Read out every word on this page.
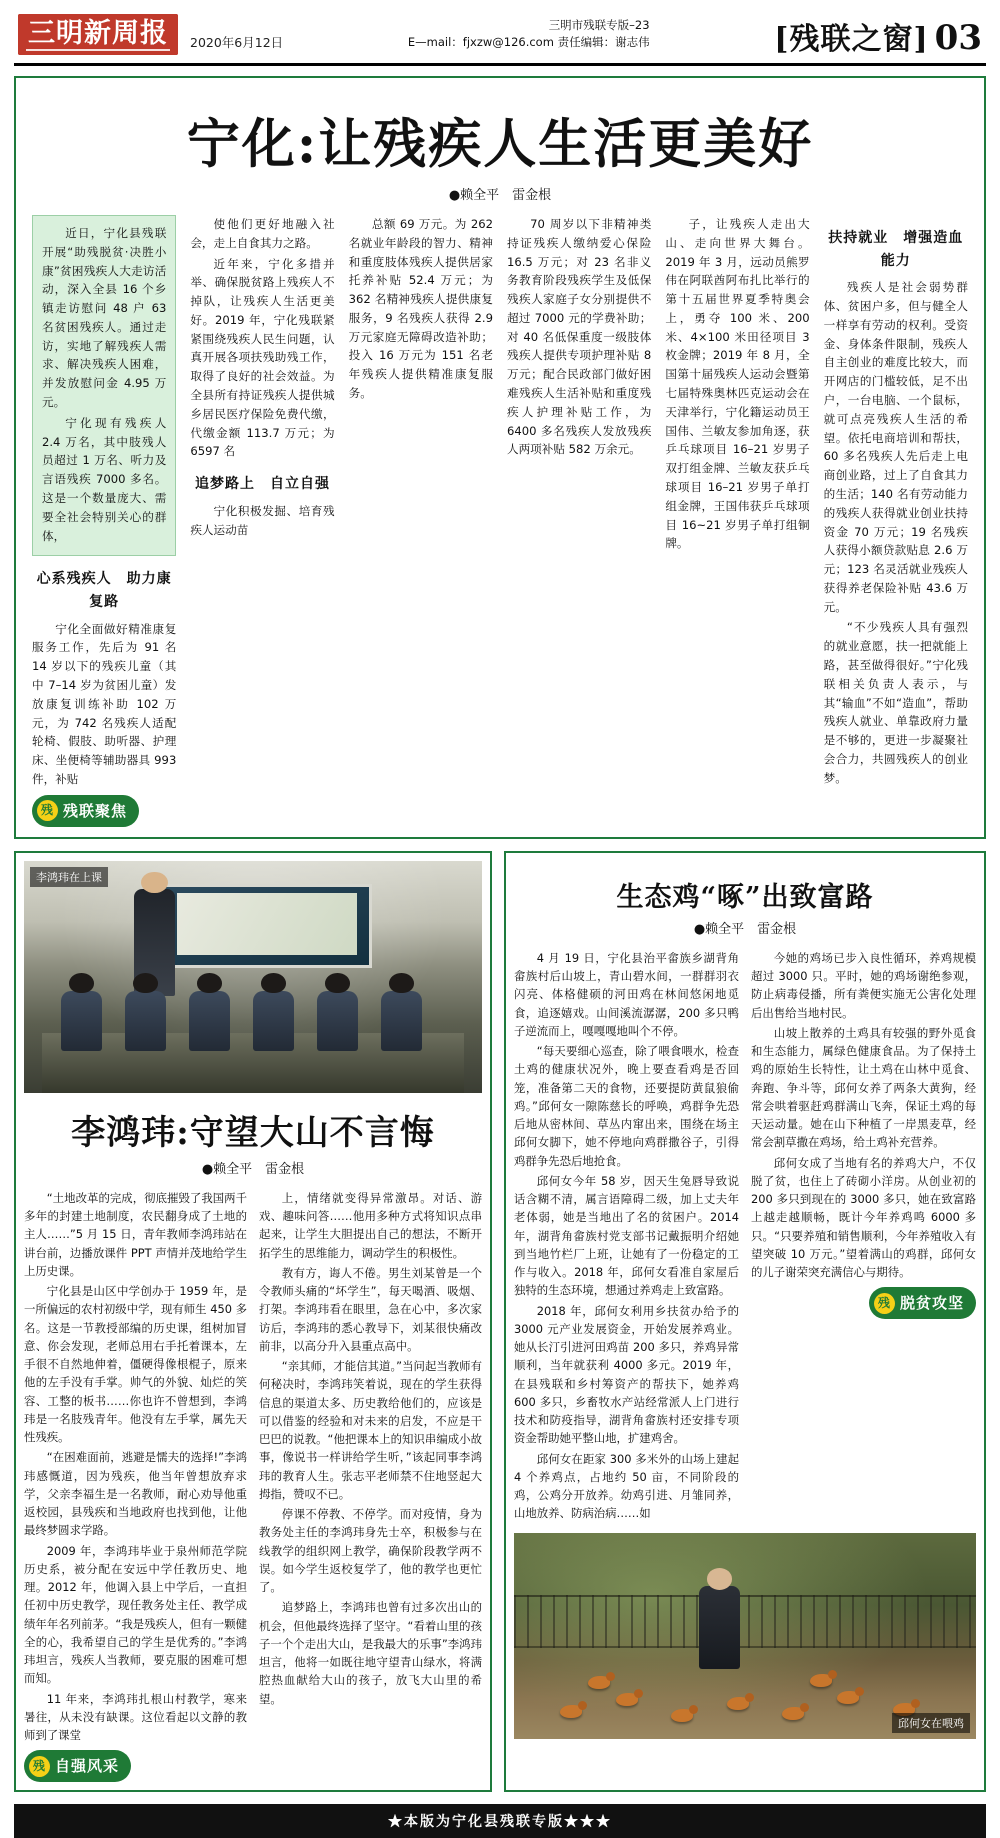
三明新周报	2020年6月12日
三明市残联专版–23
E—mail：fjxzw@126.com 责任编辑：谢志伟	[残联之窗] 03
宁化:让残疾人生活更美好
●赖全平　雷金根

近日，宁化县残联开展“助残脱贫·决胜小康”贫困残疾人大走访活动，深入全县 16 个乡镇走访慰问 48 户 63 名贫困残疾人。通过走访，实地了解残疾人需求、解决残疾人困难，并发放慰问金 4.95 万元。

宁化现有残疾人 2.4 万名，其中肢残人员超过 1 万名、听力及言语残疾 7000 多名。这是一个数量庞大、需要全社会特别关心的群体，

心系残疾人　助力康复路

宁化全面做好精准康复服务工作，先后为 91 名 14 岁以下的残疾儿童（其中 7–14 岁为贫困儿童）发放康复训练补助 102 万元，为 742 名残疾人适配轮椅、假肢、助听器、护理床、坐便椅等辅助器具 993 件，补贴

残 残联聚焦

使他们更好地融入社会，走上自食其力之路。

近年来，宁化多措并举、确保脱贫路上残疾人不掉队，让残疾人生活更美好。2019 年，宁化残联紧紧围绕残疾人民生问题，认真开展各项扶残助残工作，取得了良好的社会效益。为全县所有持证残疾人提供城乡居民医疗保险免费代缴，代缴金额 113.7 万元；为 6597 名

追梦路上　自立自强

宁化积极发掘、培育残疾人运动苗

总额 69 万元。为 262 名就业年龄段的智力、精神和重度肢体残疾人提供居家托养补贴 52.4 万元；为 362 名精神残疾人提供康复服务，9 名残疾人获得 2.9 万元家庭无障碍改造补助；投入 16 万元为 151 名老年残疾人提供精准康复服务。

70 周岁以下非精神类持证残疾人缴纳爱心保险 16.5 万元；对 23 名非义务教育阶段残疾学生及低保残疾人家庭子女分别提供不超过 7000 元的学费补助；对 40 名低保重度一级肢体残疾人提供专项护理补贴 8 万元；配合民政部门做好困难残疾人生活补贴和重度残疾人护理补贴工作，为 6400 多名残疾人发放残疾人两项补贴 582 万余元。

子，让残疾人走出大山、走向世界大舞台。2019 年 3 月，远动员熊罗伟在阿联酋阿布扎比举行的第十五届世界夏季特奥会上，勇夺 100 米、200 米、4×100 米田径项目 3 枚金牌；2019 年 8 月，全国第十届残疾人运动会暨第七届特殊奥林匹克运动会在天津举行，宁化籍运动员王国伟、兰敏友参加角逐，获乒乓球项目 16–21 岁男子双打组金牌、兰敏友获乒乓球项目 16–21 岁男子单打组金牌，王国伟获乒乓球项目 16~21 岁男子单打组铜牌。

扶持就业　增强造血能力

残疾人是社会弱势群体、贫困户多，但与健全人一样享有劳动的权利。受资金、身体条件限制，残疾人自主创业的难度比较大，而开网店的门槛较低，足不出户，一台电脑、一个鼠标，就可点亮残疾人生活的希望。依托电商培训和帮扶，60 多名残疾人先后走上电商创业路，过上了自食其力的生活；140 名有劳动能力的残疾人获得就业创业扶持资金 70 万元；19 名残疾人获得小额贷款贴息 2.6 万元；123 名灵活就业残疾人获得养老保险补贴 43.6 万元。

“不少残疾人具有强烈的就业意愿，扶一把就能上路，甚至做得很好。”宁化残联相关负责人表示，与其“输血”不如“造血”，帮助残疾人就业、单靠政府力量是不够的，更进一步凝聚社会合力，共圆残疾人的创业梦。

李鸿玮在上课
李鸿玮:守望大山不言悔
●赖全平　雷金根

“土地改革的完成，彻底摧毁了我国两千多年的封建土地制度，农民翻身成了土地的主人……”5 月 15 日，青年教师李鸿玮站在讲台前，边播放课件 PPT 声情并茂地给学生上历史课。

宁化县是山区中学创办于 1959 年，是一所偏远的农村初级中学，现有师生 450 多名。这是一节教授部编的历史课，组树加冒意、你会发现，老师总用右手托着课本，左手很不自然地伸着，僵硬得像根棍子，原来他的左手没有手掌。帅气的外貌、灿烂的笑容、工整的板书……你也许不曾想到，李鸿玮是一名肢残青年。他没有左手掌，属先天性残疾。

“在困难面前，逃避是懦夫的选择!”李鸿玮感慨道，因为残疾，他当年曾想放弃求学，父亲李福生是一名教师，耐心劝导他重返校园，县残疾和当地政府也找到他，让他最终梦圆求学路。

2009 年，李鸿玮毕业于泉州师范学院历史系，被分配在安远中学任教历史、地理。2012 年，他调入县上中学后，一直担任初中历史教学，现任教务处主任、教学成绩年年名列前茅。“我是残疾人，但有一颗健全的心，我希望自己的学生是优秀的。”李鸿玮坦言，残疾人当教师，要克服的困难可想而知。

11 年来，李鸿玮扎根山村教学，寒来暑往，从未没有缺课。这位看起以文静的教师到了课堂

残 自强风采

上，情绪就变得异常激昂。对话、游戏、趣味问答……他用多种方式将知识点串起来，让学生大胆提出自己的想法，不断开拓学生的思维能力，调动学生的积极性。

教有方，诲人不倦。男生刘某曾是一个令教师头痛的“坏学生”，每天喝酒、吸烟、打架。李鸿玮看在眼里，急在心中，多次家访后，李鸿玮的悉心教导下，刘某很快痛改前非，以高分升入县重点高中。

“亲其师，才能信其道。”当问起当教师有何秘决时，李鸿玮笑着说，现在的学生获得信息的渠道太多、历史教给他们的，应该是可以借鉴的经验和对未来的启发，不应是干巴巴的说教。“他把课本上的知识串编成小故事，像说书一样讲给学生听，”该起同事李鸿玮的教育人生。张志平老师禁不住地竖起大拇指，赞叹不已。

停课不停教、不停学。而对疫情，身为教务处主任的李鸿玮身先士卒，积极参与在线教学的组织网上教学，确保阶段教学两不误。如今学生返校复学了，他的教学也更忙了。

追梦路上，李鸿玮也曾有过多次出山的机会，但他最终选择了坚守。“看着山里的孩子一个个走出大山，是我最大的乐事”李鸿玮坦言，他将一如既往地守望青山绿水，将满腔热血献给大山的孩子，放飞大山里的希望。

生态鸡“啄”出致富路
●赖全平　雷金根

4 月 19 日，宁化县治平畲族乡湖背角畲族村后山坡上，青山碧水间，一群群羽衣闪亮、体格健硕的河田鸡在林间悠闲地觅食，追逐嬉戏。山间溪流潺潺，200 多只鸭子逆流而上，嘎嘎嘎地叫个不停。

“每天要细心巡查，除了喂食喂水，检查土鸡的健康状况外，晚上要查看鸡是否回笼，准备第二天的食物，还要提防黄鼠狼偷鸡。”邱何女一隙陈慈长的呼唤，鸡群争先恐后地从密林间、草丛内窜出来，围绕在场主邱何女脚下，她不停地向鸡群撒谷子，引得鸡群争先恐后地抢食。

邱何女今年 58 岁，因天生兔唇导致说话含糊不清，属言语障碍二级，加上丈夫年老体弱，她是当地出了名的贫困户。2014 年，湖背角畲族村党支部书记戴振明介绍她到当地竹栏厂上班，让她有了一份稳定的工作与收入。2018 年，邱何女看准自家屋后独特的生态环境，想通过养鸡走上致富路。

2018 年，邱何女利用乡扶贫办给予的 3000 元产业发展资金，开始发展养鸡业。她从长汀引进河田鸡苗 200 多只，养鸡异常顺利，当年就获利 4000 多元。2019 年，在县残联和乡村筹资产的帮扶下，她养鸡 600 多只，乡畜牧水产站经常派人上门进行技术和防疫指导，湖背角畲族村还安排专项资金帮助她平整山地，扩建鸡舍。

邱何女在距家 300 多米外的山场上建起 4 个养鸡点，占地约 50 亩，不同阶段的鸡，公鸡分开放养。幼鸡引进、月雏同养，山地放养、防病治病……如

今她的鸡场已步入良性循环，养鸡规模超过 3000 只。平时，她的鸡场谢绝参观，防止病毒侵播，所有粪便实施无公害化处理后出售给当地村民。

山坡上散养的土鸡具有较强的野外觅食和生态能力，属绿色健康食品。为了保持土鸡的原始生长特性，让土鸡在山林中觅食、奔跑、争斗等，邱何女养了两条大黄狗，经常会哄着驱赶鸡群满山飞奔，保证土鸡的每天运动量。她在山下种植了一岸黑麦草，经常会割草撒在鸡场，给土鸡补充营养。

邱何女成了当地有名的养鸡大户，不仅脱了贫，也住上了砖砌小洋房。从创业初的 200 多只到现在的 3000 多只，她在致富路上越走越顺畅，既计今年养鸡鸣 6000 多只。“只要养殖和销售顺利，今年养殖收入有望突破 10 万元。”望着满山的鸡群，邱何女的儿子谢荣突充满信心与期待。

残 脱贫攻坚
邱何女在喂鸡
★本版为宁化县残联专版★★★
